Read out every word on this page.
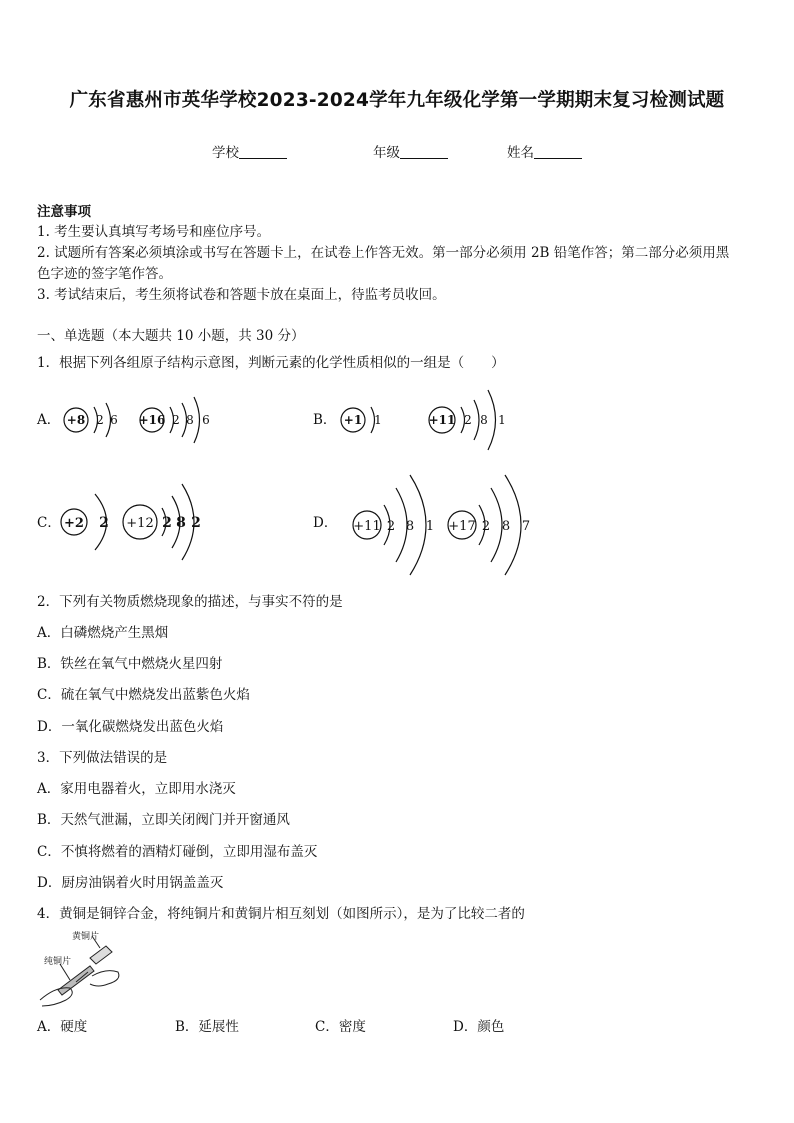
广东省惠州市英华学校2023-2024学年九年级化学第一学期期末复习检测试题
学校	年级	姓名
注意事项
1. 考生要认真填写考场号和座位序号。
2. 试题所有答案必须填涂或书写在答题卡上，在试卷上作答无效。第一部分必须用 2B 铅笔作答；第二部分必须用黑
色字迹的签字笔作答。
3. 考试结束后，考生须将试卷和答题卡放在桌面上，待监考员收回。
一、单选题（本大题共 10 小题，共 30 分）
1．根据下列各组原子结构示意图，判断元素的化学性质相似的一组是（　　）
A．	B．
C．	D．
+8 2 6 +16 2 8 6	+1 1	+11 2 8 1
+2 2 +12 2 8 2	+11 2 8 1 +17 2 8 7
2．下列有关物质燃烧现象的描述，与事实不符的是
A．白磷燃烧产生黑烟
B．铁丝在氧气中燃烧火星四射
C．硫在氧气中燃烧发出蓝紫色火焰
D．一氧化碳燃烧发出蓝色火焰
3．下列做法错误的是
A．家用电器着火，立即用水浇灭
B．天然气泄漏，立即关闭阀门并开窗通风
C．不慎将燃着的酒精灯碰倒，立即用湿布盖灭
D．厨房油锅着火时用锅盖盖灭
4．黄铜是铜锌合金，将纯铜片和黄铜片相互刻划（如图所示），是为了比较二者的
黄铜片
纯铜片
A．硬度	B．延展性	C．密度	D．颜色
